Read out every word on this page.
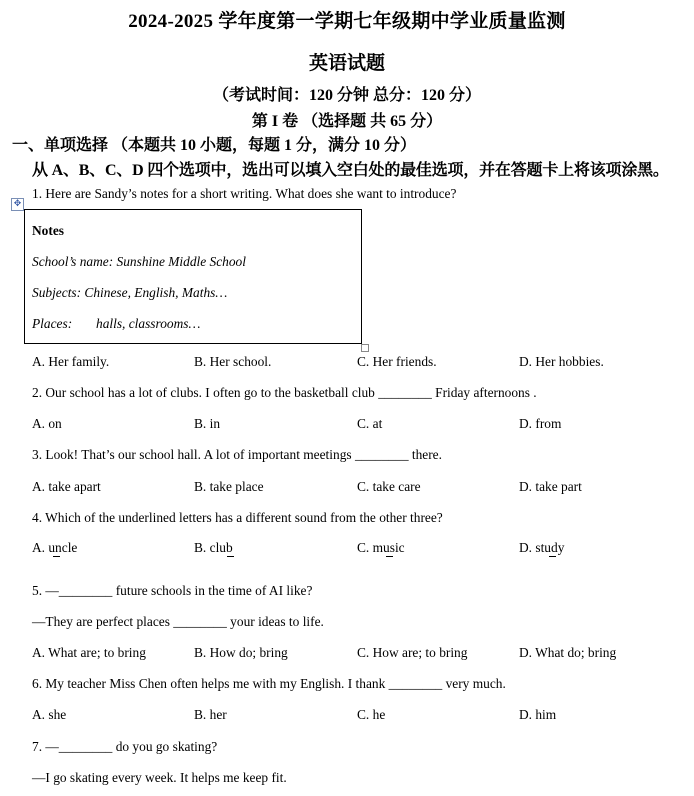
2024-2025 学年度第一学期七年级期中学业质量监测
英语试题
（考试时间：120 分钟 总分：120 分）
第 I 卷 （选择题 共 65 分）
一、单项选择 （本题共 10 小题，每题 1 分，满分 10 分）
从 A、B、C、D 四个选项中，选出可以填入空白处的最佳选项，并在答题卡上将该项涂黑。
1. Here are Sandy’s notes for a short writing. What does she want to introduce?
✥
Notes
School’s name: Sunshine Middle School
Subjects: Chinese, English, Maths…
Places: halls, classrooms…
A. Her family.	B. Her school.	C. Her friends.	D. Her hobbies.
2. Our school has a lot of clubs. I often go to the basketball club ________ Friday afternoons .
A. on	B. in	C. at	D. from
3. Look! That’s our school hall. A lot of important meetings ________ there.
A. take apart	B. take place	C. take care	D. take part
4. Which of the underlined letters has a different sound from the other three?
A. uncle	B. club	C. music	D. study
5. —________ future schools in the time of AI like?
—They are perfect places ________ your ideas to life.
A. What are; to bring	B. How do; bring	C. How are; to bring	D. What do; bring
6. My teacher Miss Chen often helps me with my English. I thank ________ very much.
A. she	B. her	C. he	D. him
7. —________ do you go skating?
—I go skating every week. It helps me keep fit.
